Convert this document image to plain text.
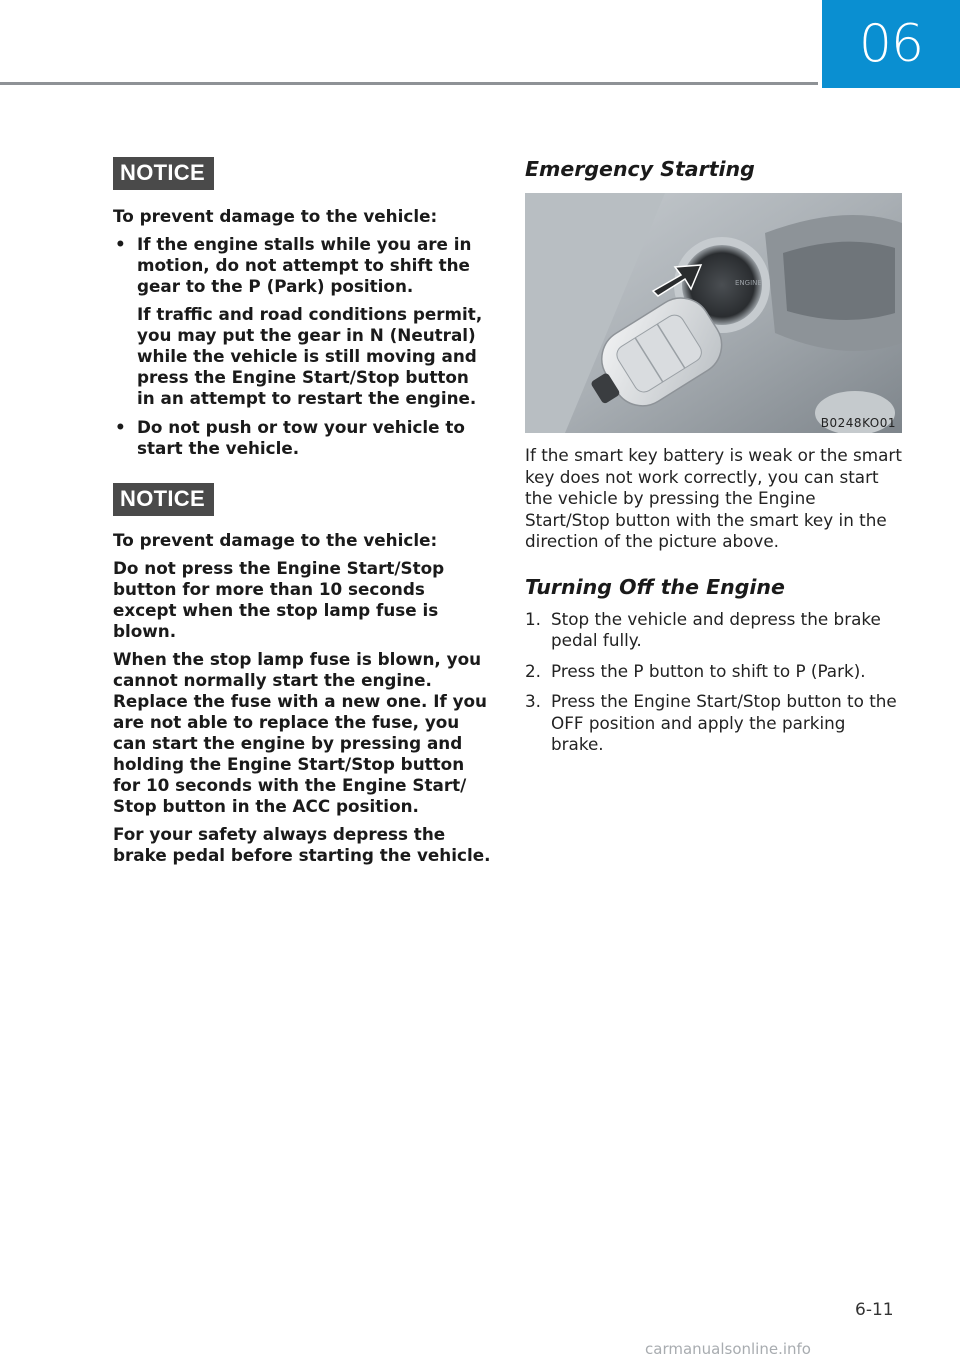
06
NOTICE

To prevent damage to the vehicle:

• If the engine stalls while you are in motion, do not attempt to shift the gear to the P (Park) position.

If traffic and road conditions permit, you may put the gear in N (Neutral) while the vehicle is still moving and press the Engine Start/Stop button in an attempt to restart the engine.

• Do not push or tow your vehicle to start the vehicle.

NOTICE

To prevent damage to the vehicle:

Do not press the Engine Start/Stop button for more than 10 seconds except when the stop lamp fuse is blown.

When the stop lamp fuse is blown, you cannot normally start the engine. Replace the fuse with a new one. If you are not able to replace the fuse, you can start the engine by pressing and holding the Engine Start/Stop button for 10 seconds with the Engine Start/ Stop button in the ACC position.

For your safety always depress the brake pedal before starting the vehicle.

Emergency Starting
ENGINE
B0248KO01

If the smart key battery is weak or the smart key does not work correctly, you can start the vehicle by pressing the Engine Start/Stop button with the smart key in the direction of the picture above.

Turning Off the Engine
1. Stop the vehicle and depress the brake pedal fully.
2. Press the P button to shift to P (Park).
3. Press the Engine Start/Stop button to the OFF position and apply the parking brake.
6-11
carmanualsonline.info
